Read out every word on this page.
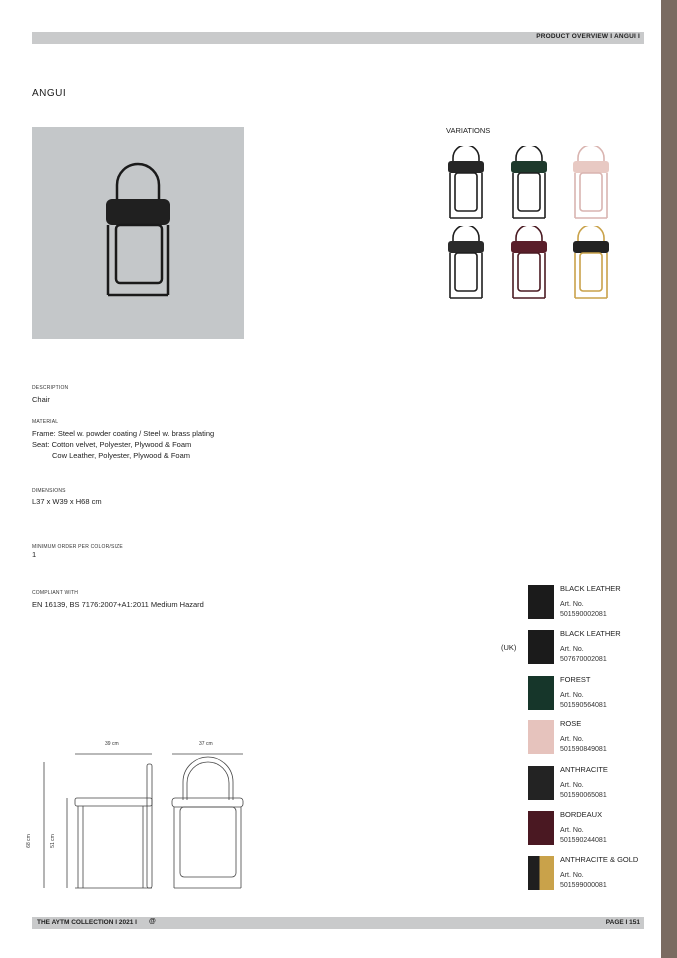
PRODUCT OVERVIEW I ANGUI I
ANGUI
VARIATIONS
DESCRIPTION
Chair
MATERIAL
Frame: Steel w. powder coating / Steel w. brass plating
Seat: Cotton velvet, Polyester, Plywood & Foam
Cow Leather, Polyester, Plywood & Foam
DIMENSIONS
L37 x W39 x H68 cm
MINIMUM ORDER PER COLOR/SIZE
1
COMPLIANT WITH
EN 16139, BS 7176:2007+A1:2011 Medium Hazard
(UK)
BLACK LEATHER
Art. No.
501590002081
BLACK LEATHER
Art. No.
507670002081
FOREST
Art. No.
501590564081
ROSE
Art. No.
501590849081
ANTHRACITE
Art. No.
501590065081
BORDEAUX
Art. No.
501590244081
ANTHRACITE & GOLD
Art. No.
501599000081
39 cm	37 cm
68 cm	51 cm
THE AYTM COLLECTION I 2021 I @	PAGE I 151
